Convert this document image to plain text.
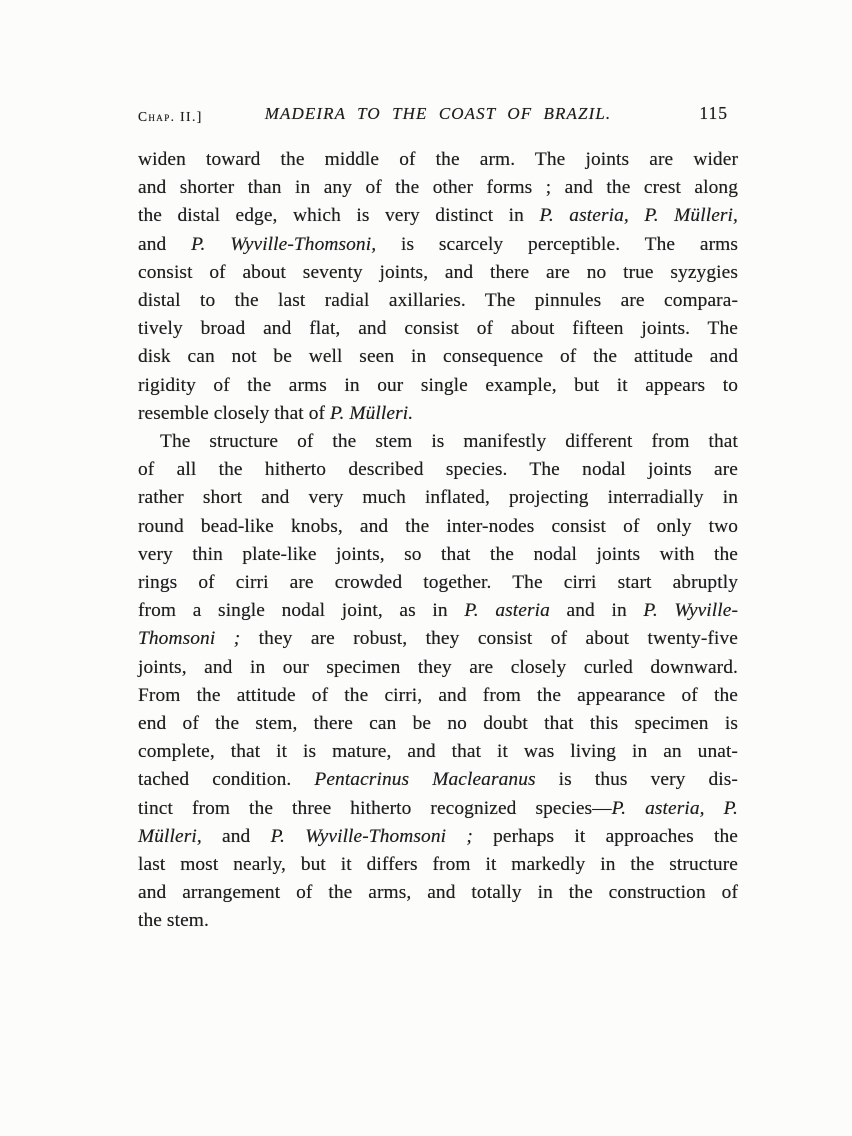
Chap. II.]	MADEIRA TO THE COAST OF BRAZIL.	115
widen toward the middle of the arm. The joints are wider
and shorter than in any of the other forms ; and the crest along
the distal edge, which is very distinct in P. asteria, P. Mülleri,
and P. Wyville-Thomsoni, is scarcely perceptible. The arms
consist of about seventy joints, and there are no true syzygies
distal to the last radial axillaries. The pinnules are compara-
tively broad and flat, and consist of about fifteen joints. The
disk can not be well seen in consequence of the attitude and
rigidity of the arms in our single example, but it appears to
resemble closely that of P. Mülleri.
The structure of the stem is manifestly different from that
of all the hitherto described species. The nodal joints are
rather short and very much inflated, projecting interradially in
round bead-like knobs, and the inter-nodes consist of only two
very thin plate-like joints, so that the nodal joints with the
rings of cirri are crowded together. The cirri start abruptly
from a single nodal joint, as in P. asteria and in P. Wyville-
Thomsoni ; they are robust, they consist of about twenty-five
joints, and in our specimen they are closely curled downward.
From the attitude of the cirri, and from the appearance of the
end of the stem, there can be no doubt that this specimen is
complete, that it is mature, and that it was living in an unat-
tached condition. Pentacrinus Maclearanus is thus very dis-
tinct from the three hitherto recognized species—P. asteria, P.
Mülleri, and P. Wyville-Thomsoni ; perhaps it approaches the
last most nearly, but it differs from it markedly in the structure
and arrangement of the arms, and totally in the construction of
the stem.
